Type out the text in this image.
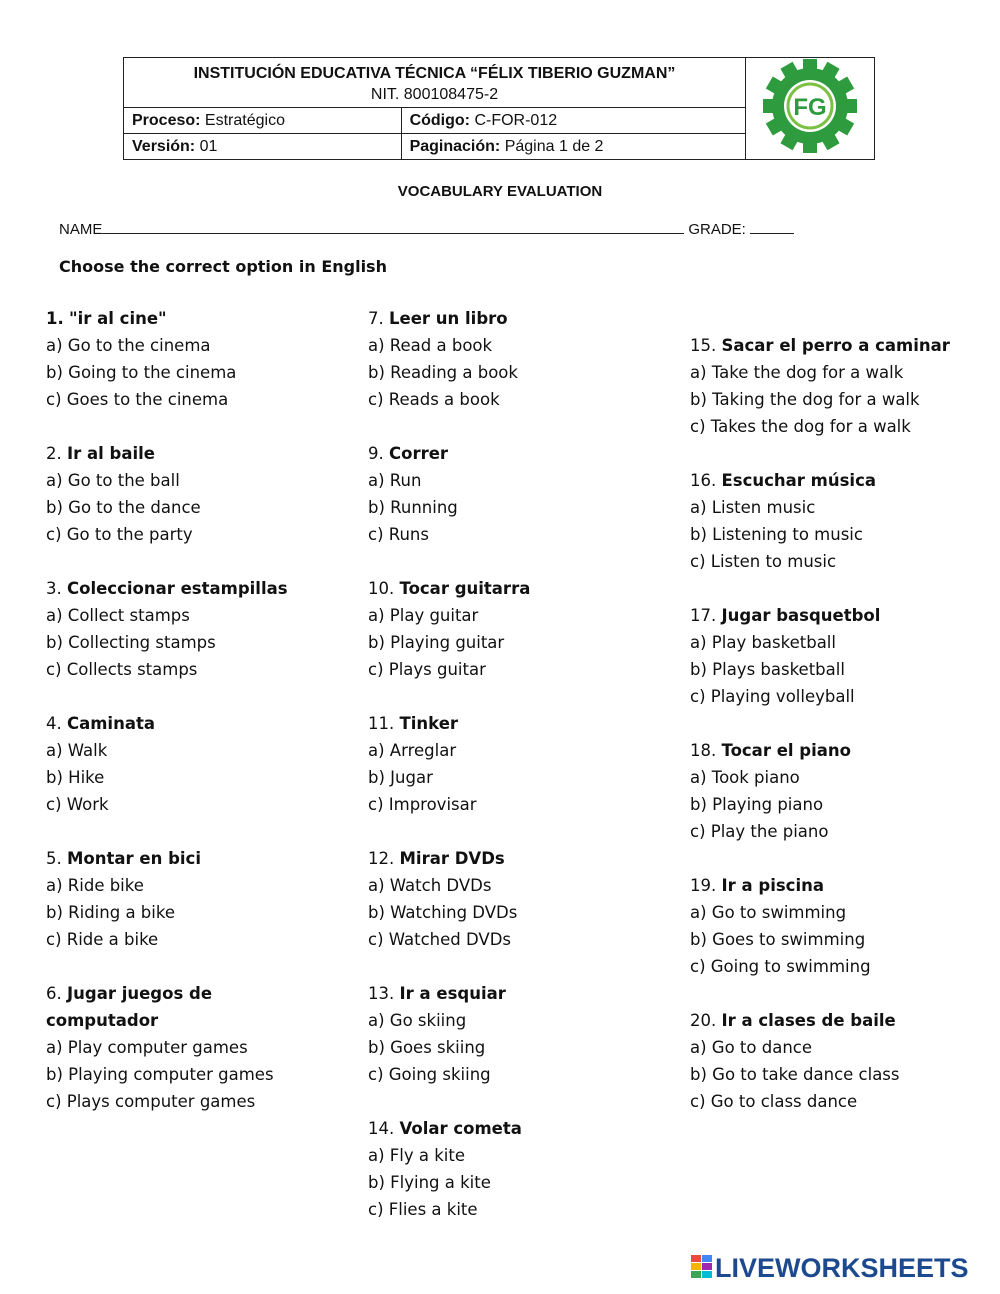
INSTITUCIÓN EDUCATIVA TÉCNICA “FÉLIX TIBERIO GUZMAN”
NIT. 800108475-2		FG

Proceso: Estratégico	Código: C-FOR-012	
Versión: 01	Paginación: Página 1 de 2	
VOCABULARY EVALUATION
NAME	GRADE:
Choose the correct option in English
1. "ir al cine"
a) Go to the cinema
b) Going to the cinema
c) Goes to the cinema
2. Ir al baile
a) Go to the ball
b) Go to the dance
c) Go to the party
3. Coleccionar estampillas
a) Collect stamps
b) Collecting stamps
c) Collects stamps
4. Caminata
a) Walk
b) Hike
c) Work
5. Montar en bici
a) Ride bike
b) Riding a bike
c) Ride a bike
6. Jugar juegos de
computador
a) Play computer games
b) Playing computer games
c) Plays computer games
7. Leer un libro
a) Read a book
b) Reading a book
c) Reads a book
9. Correr
a) Run
b) Running
c) Runs
10. Tocar guitarra
a) Play guitar
b) Playing guitar
c) Plays guitar
11. Tinker
a) Arreglar
b) Jugar
c) Improvisar
12. Mirar DVDs
a) Watch DVDs
b) Watching DVDs
c) Watched DVDs
13. Ir a esquiar
a) Go skiing
b) Goes skiing
c) Going skiing
14. Volar cometa
a) Fly a kite
b) Flying a kite
c) Flies a kite
15. Sacar el perro a caminar
a) Take the dog for a walk
b) Taking the dog for a walk
c) Takes the dog for a walk
16. Escuchar música
a) Listen music
b) Listening to music
c) Listen to music
17. Jugar basquetbol
a) Play basketball
b) Plays basketball
c) Playing volleyball
18. Tocar el piano
a) Took piano
b) Playing piano
c) Play the piano
19. Ir a piscina
a) Go to swimming
b) Goes to swimming
c) Going to swimming
20. Ir a clases de baile
a) Go to dance
b) Go to take dance class
c) Go to class dance
LIVEWORKSHEETS
